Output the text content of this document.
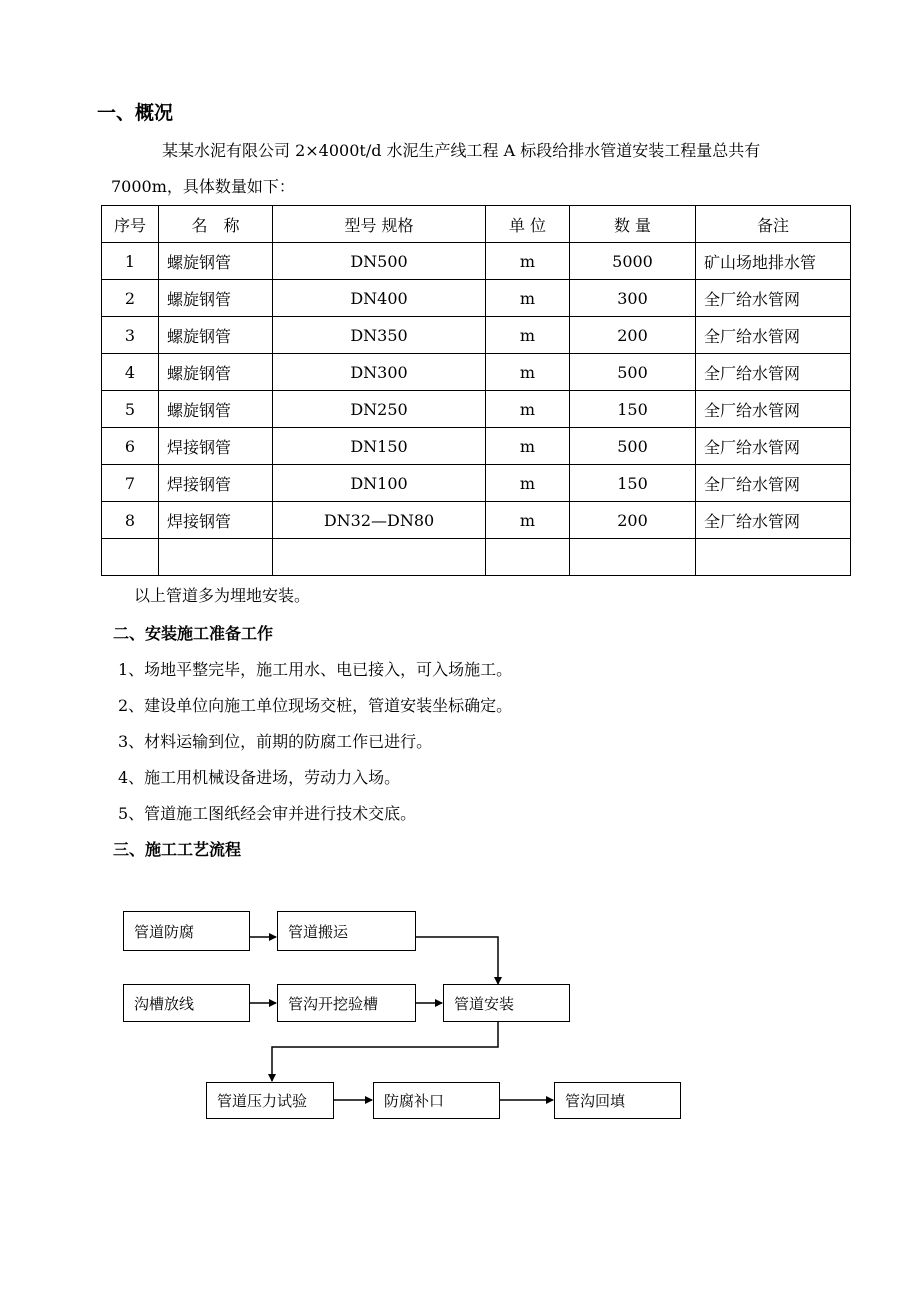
一、概况
某某水泥有限公司 2×4000t/d 水泥生产线工程 A 标段给排水管道安装工程量总共有
7000m，具体数量如下：
序号	名　称	型号 规格	单 位	数 量	备注
1	螺旋钢管	DN500	m	5000	矿山场地排水管
2	螺旋钢管	DN400	m	300	全厂给水管网
3	螺旋钢管	DN350	m	200	全厂给水管网
4	螺旋钢管	DN300	m	500	全厂给水管网
5	螺旋钢管	DN250	m	150	全厂给水管网
6	焊接钢管	DN150	m	500	全厂给水管网
7	焊接钢管	DN100	m	150	全厂给水管网
8	焊接钢管	DN32—DN80	m	200	全厂给水管网

以上管道多为埋地安装。
二、安装施工准备工作
1、场地平整完毕，施工用水、电已接入，可入场施工。
2、建设单位向施工单位现场交桩，管道安装坐标确定。
3、材料运输到位，前期的防腐工作已进行。
4、施工用机械设备进场，劳动力入场。
5、管道施工图纸经会审并进行技术交底。
三、施工工艺流程
管道防腐	管道搬运
沟槽放线	管沟开挖验槽	管道安装
管道压力试验	防腐补口	管沟回填
